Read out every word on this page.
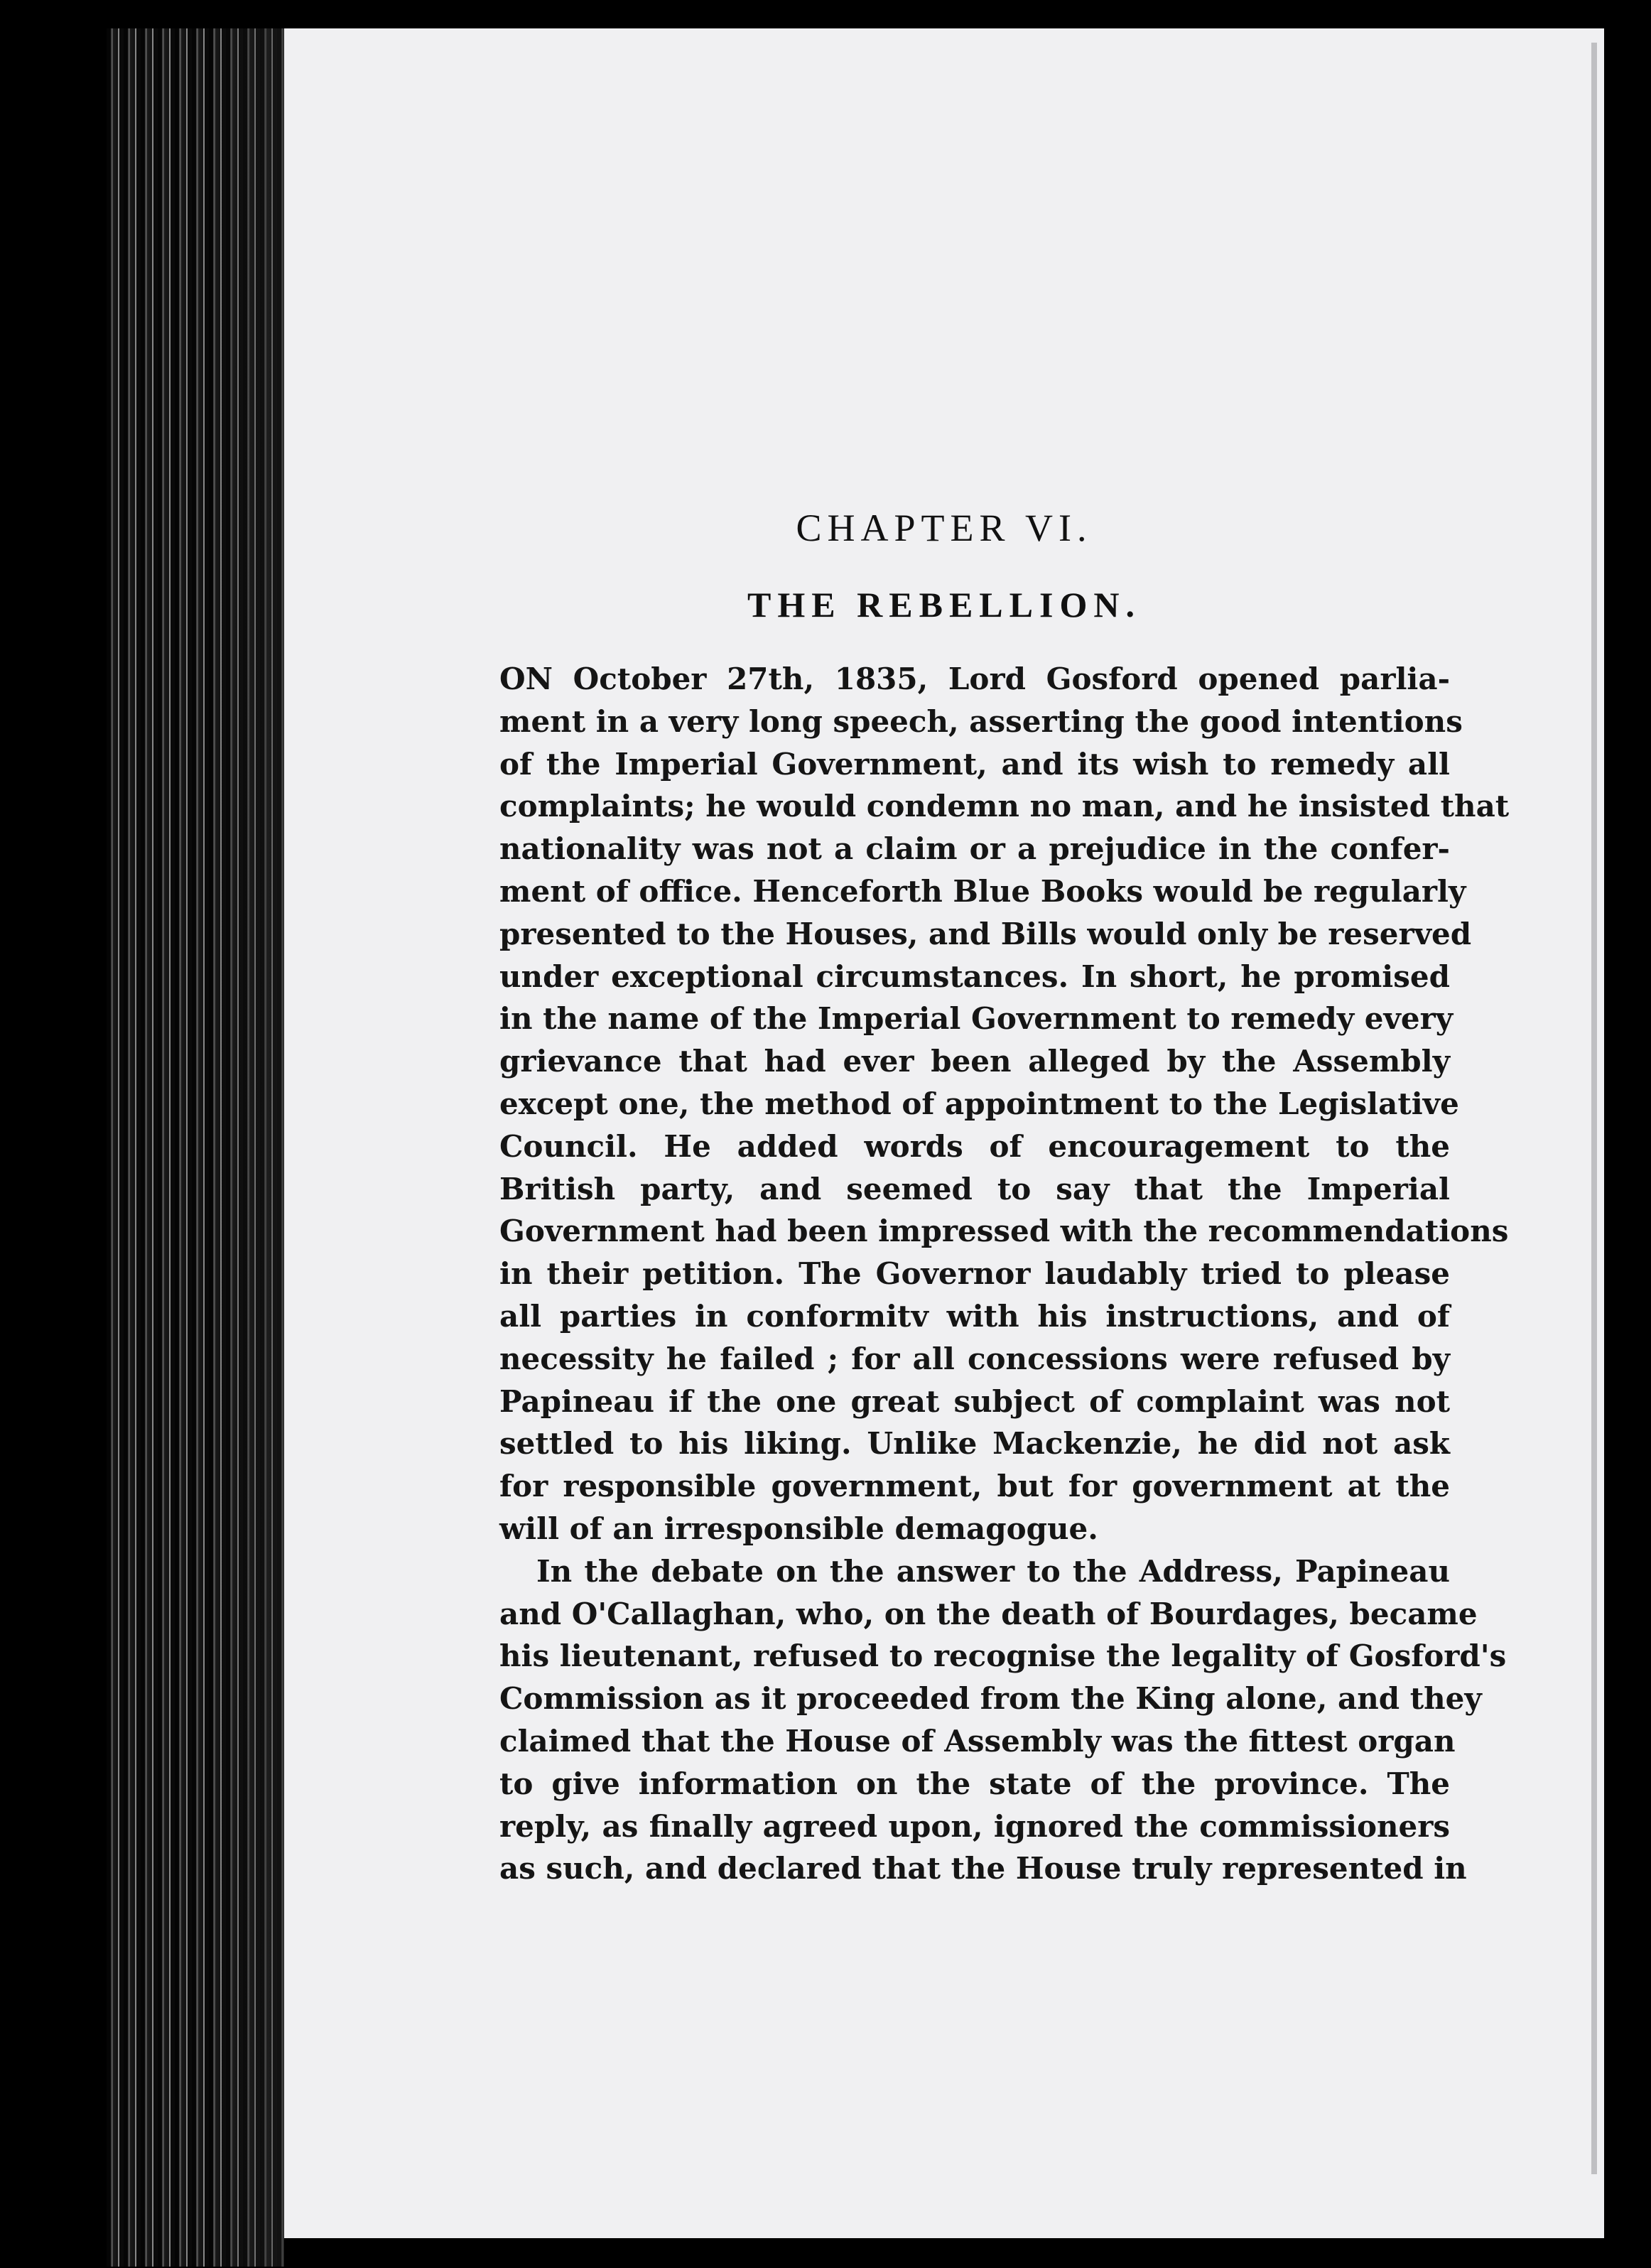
CHAPTER VI.
THE REBELLION.
ON October 27th, 1835, Lord Gosford opened parlia-
ment in a very long speech, asserting the good intentions
of the Imperial Government, and its wish to remedy all
complaints; he would condemn no man, and he insisted that
nationality was not a claim or a prejudice in the confer-
ment of office. Henceforth Blue Books would be regularly
presented to the Houses, and Bills would only be reserved
under exceptional circumstances. In short, he promised
in the name of the Imperial Government to remedy every
grievance that had ever been alleged by the Assembly
except one, the method of appointment to the Legislative
Council. He added words of encouragement to the
British party, and seemed to say that the Imperial
Government had been impressed with the recommendations
in their petition. The Governor laudably tried to please
all parties in conformitv with his instructions, and of
necessity he failed ; for all concessions were refused by
Papineau if the one great subject of complaint was not
settled to his liking. Unlike Mackenzie, he did not ask
for responsible government, but for government at the
will of an irresponsible demagogue.
In the debate on the answer to the Address, Papineau
and O'Callaghan, who, on the death of Bourdages, became
his lieutenant, refused to recognise the legality of Gosford's
Commission as it proceeded from the King alone, and they
claimed that the House of Assembly was the fittest organ
to give information on the state of the province. The
reply, as finally agreed upon, ignored the commissioners
as such, and declared that the House truly represented in
